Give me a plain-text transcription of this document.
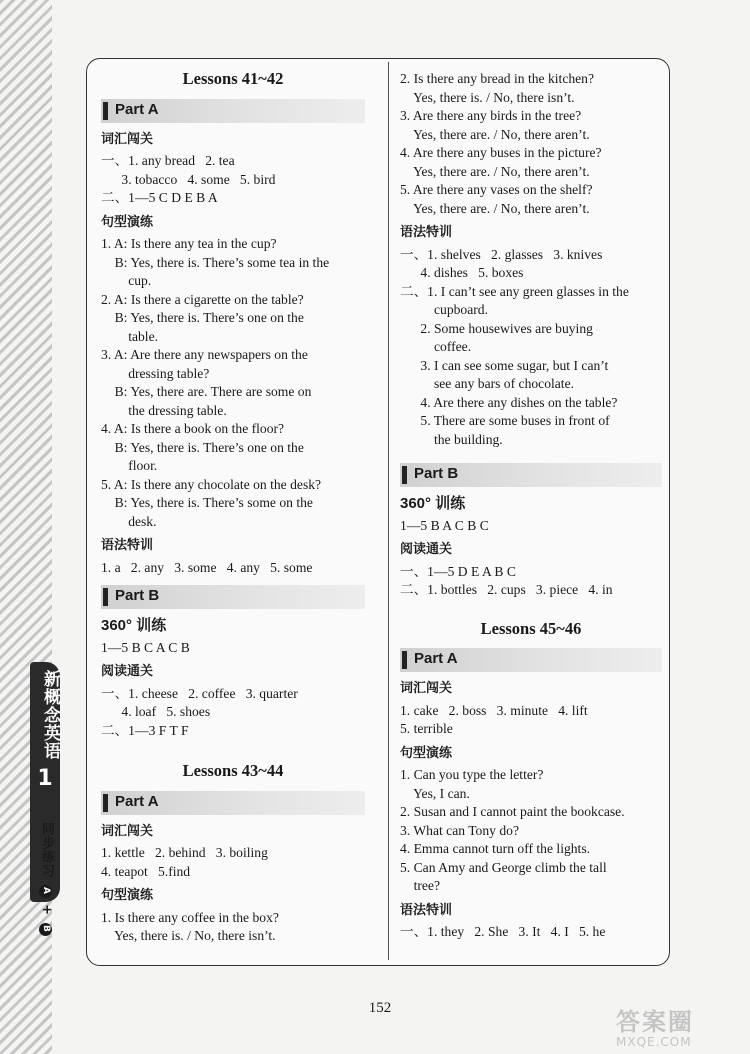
新概念英语
1
同步练习 A + B
Lessons 41~42
Part A
词汇闯关
一、1. any bread   2. tea
3. tobacco   4. some   5. bird
二、1—5 C D E B A
句型演练
1. A: Is there any tea in the cup?
B: Yes, there is. There’s some tea in the
cup.
2. A: Is there a cigarette on the table?
B: Yes, there is. There’s one on the
table.
3. A: Are there any newspapers on the
dressing table?
B: Yes, there are. There are some on
the dressing table.
4. A: Is there a book on the floor?
B: Yes, there is. There’s one on the
floor.
5. A: Is there any chocolate on the desk?
B: Yes, there is. There’s some on the
desk.
语法特训
1. a   2. any   3. some   4. any   5. some
Part B
360° 训练
1—5 B C A C B
阅读通关
一、1. cheese   2. coffee   3. quarter
4. loaf   5. shoes
二、1—3 F T F
Lessons 43~44
Part A
词汇闯关
1. kettle   2. behind   3. boiling
4. teapot   5.find
句型演练
1. Is there any coffee in the box?
Yes, there is. / No, there isn’t.
2. Is there any bread in the kitchen?
Yes, there is. / No, there isn’t.
3. Are there any birds in the tree?
Yes, there are. / No, there aren’t.
4. Are there any buses in the picture?
Yes, there are. / No, there aren’t.
5. Are there any vases on the shelf?
Yes, there are. / No, there aren’t.
语法特训
一、1. shelves   2. glasses   3. knives
4. dishes   5. boxes
二、1. I can’t see any green glasses in the
cupboard.
2. Some housewives are buying
coffee.
3. I can see some sugar, but I can’t
see any bars of chocolate.
4. Are there any dishes on the table?
5. There are some buses in front of
the building.
Part B
360° 训练
1—5 B A C B C
阅读通关
一、1—5 D E A B C
二、1. bottles   2. cups   3. piece   4. in
Lessons 45~46
Part A
词汇闯关
1. cake   2. boss   3. minute   4. lift
5. terrible
句型演练
1. Can you type the letter?
Yes, I can.
2. Susan and I cannot paint the bookcase.
3. What can Tony do?
4. Emma cannot turn off the lights.
5. Can Amy and George climb the tall
tree?
语法特训
一、1. they   2. She   3. It   4. I   5. he
152	答案圈
MXQE.COM
